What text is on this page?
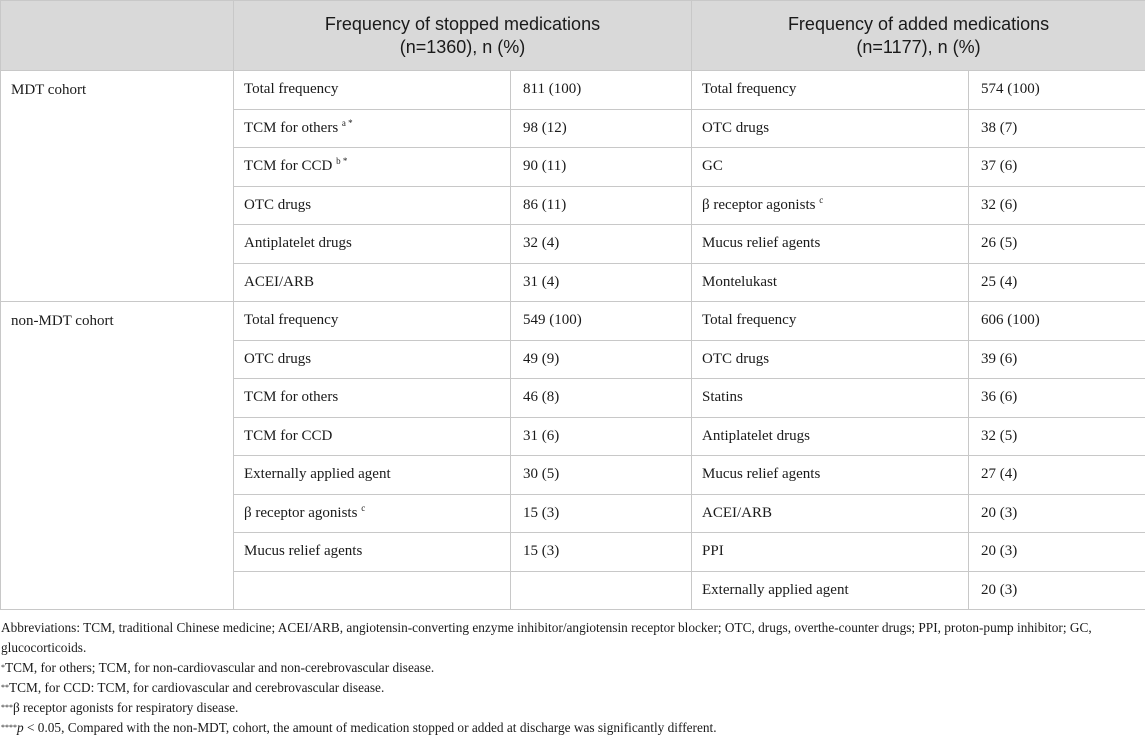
	Frequency of stopped medications
(n=1360), n (%)		Frequency of added medications
(n=1177), n (%)	
MDT cohort	Total frequency	811 (100)	Total frequency	574 (100)
	TCM for others $^{a *}$	98 (12)	OTC drugs	38 (7)
	TCM for CCD $^{b *}$	90 (11)	GC	37 (6)
	OTC drugs	86 (11)	β receptor agonists $^c$	32 (6)
	Antiplatelet drugs	32 (4)	Mucus relief agents	26 (5)
	ACEI/ARB	31 (4)	Montelukast	25 (4)
non-MDT cohort	Total frequency	549 (100)	Total frequency	606 (100)
	OTC drugs	49 (9)	OTC drugs	39 (6)
	TCM for others	46 (8)	Statins	36 (6)
	TCM for CCD	31 (6)	Antiplatelet drugs	32 (5)
	Externally applied agent	30 (5)	Mucus relief agents	27 (4)
	β receptor agonists $^c$	15 (3)	ACEI/ARB	20 (3)
	Mucus relief agents	15 (3)	PPI	20 (3)
			Externally applied agent	20 (3)

Abbreviations: TCM, traditional Chinese medicine; ACEI/ARB, angiotensin-converting enzyme inhibitor/angiotensin receptor blocker; OTC, drugs, overthe-counter drugs; PPI, proton-pump inhibitor; GC, glucocorticoids.

*TCM, for others; TCM, for non-cardiovascular and non-cerebrovascular disease.

**TCM, for CCD: TCM, for cardiovascular and cerebrovascular disease.

***β receptor agonists for respiratory disease.

****p < 0.05, Compared with the non-MDT, cohort, the amount of medication stopped or added at discharge was significantly different.
